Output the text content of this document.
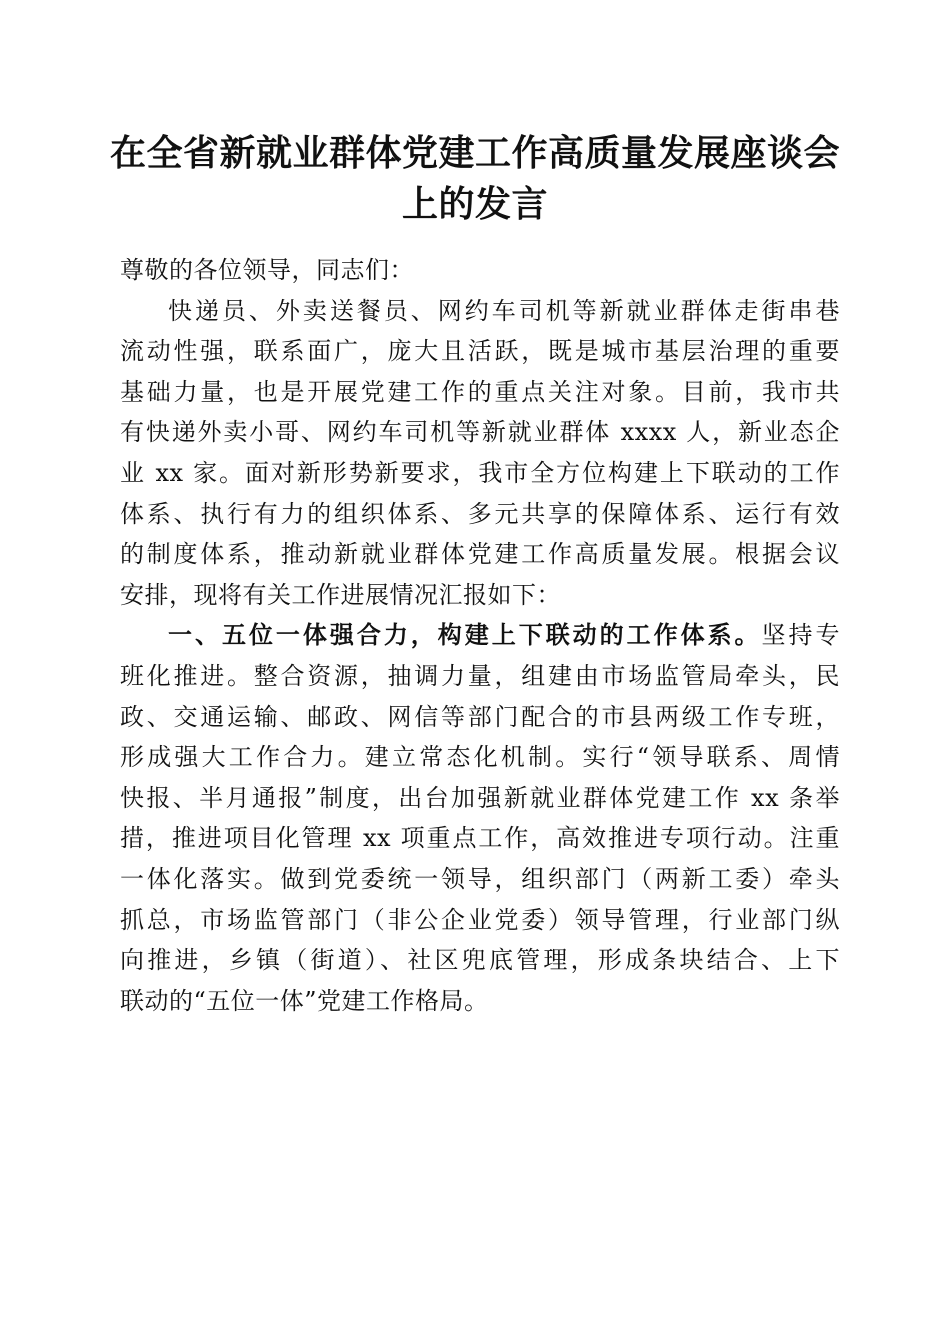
在全省新就业群体党建工作高质量发展座谈会
上的发言
尊敬的各位领导，同志们：
快递员、外卖送餐员、网约车司机等新就业群体走街串巷
流动性强，联系面广，庞大且活跃，既是城市基层治理的重要
基础力量，也是开展党建工作的重点关注对象。目前，我市共
有快递外卖小哥、网约车司机等新就业群体 xxxx 人，新业态企
业 xx 家。面对新形势新要求，我市全方位构建上下联动的工作
体系、执行有力的组织体系、多元共享的保障体系、运行有效
的制度体系，推动新就业群体党建工作高质量发展。根据会议
安排，现将有关工作进展情况汇报如下：
一、五位一体强合力，构建上下联动的工作体系。坚持专
班化推进。整合资源，抽调力量，组建由市场监管局牵头，民
政、交通运输、邮政、网信等部门配合的市县两级工作专班，
形成强大工作合力。建立常态化机制。实行“领导联系、周情
快报、半月通报”制度，出台加强新就业群体党建工作 xx 条举
措，推进项目化管理 xx 项重点工作，高效推进专项行动。注重
一体化落实。做到党委统一领导，组织部门（两新工委）牵头
抓总，市场监管部门（非公企业党委）领导管理，行业部门纵
向推进，乡镇（街道）、社区兜底管理，形成条块结合、上下
联动的“五位一体”党建工作格局。
